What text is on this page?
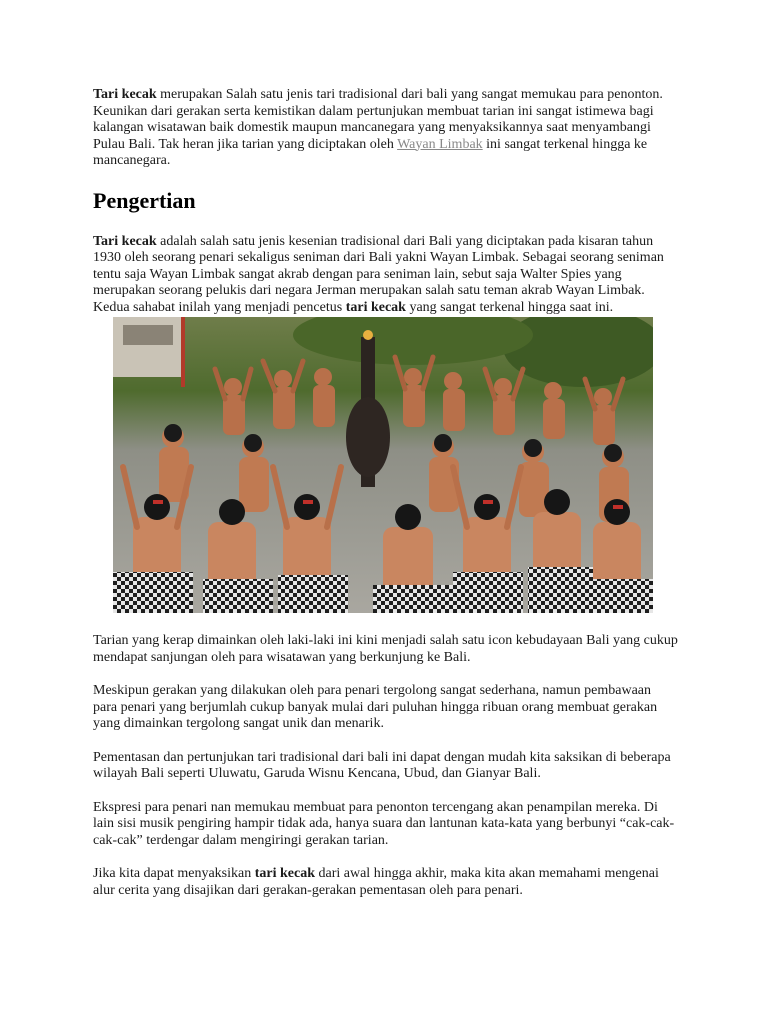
Tari kecak merupakan Salah satu jenis tari tradisional dari bali yang sangat memukau para penonton. Keunikan dari gerakan serta kemistikan dalam pertunjukan membuat tarian ini sangat istimewa bagi kalangan wisatawan baik domestik maupun mancanegara yang menyaksikannya saat menyambangi Pulau Bali. Tak heran jika tarian yang diciptakan oleh Wayan Limbak ini sangat terkenal hingga ke mancanegara.

Pengertian

Tari kecak adalah salah satu jenis kesenian tradisional dari Bali yang diciptakan pada kisaran tahun 1930 oleh seorang penari sekaligus seniman dari Bali yakni Wayan Limbak. Sebagai seorang seniman tentu saja Wayan Limbak sangat akrab dengan para seniman lain, sebut saja Walter Spies yang merupakan seorang pelukis dari negara Jerman merupakan salah satu teman akrab Wayan Limbak. Kedua sahabat inilah yang menjadi pencetus tari kecak yang sangat terkenal hingga saat ini.

Tarian yang kerap dimainkan oleh laki-laki ini kini menjadi salah satu icon kebudayaan Bali yang cukup mendapat sanjungan oleh para wisatawan yang berkunjung ke Bali.

Meskipun gerakan yang dilakukan oleh para penari tergolong sangat sederhana, namun pembawaan para penari yang berjumlah cukup banyak mulai dari puluhan hingga ribuan orang membuat gerakan yang dimainkan tergolong sangat unik dan menarik.

Pementasan dan pertunjukan tari tradisional dari bali ini dapat dengan mudah kita saksikan di beberapa wilayah Bali seperti Uluwatu, Garuda Wisnu Kencana, Ubud, dan Gianyar Bali.

Ekspresi para penari nan memukau membuat para penonton tercengang akan penampilan mereka. Di lain sisi musik pengiring hampir tidak ada, hanya suara dan lantunan kata-kata yang berbunyi “cak-cak-cak-cak” terdengar dalam mengiringi gerakan tarian.

Jika kita dapat menyaksikan tari kecak dari awal hingga akhir, maka kita akan memahami mengenai alur cerita yang disajikan dari gerakan-gerakan pementasan oleh para penari.
